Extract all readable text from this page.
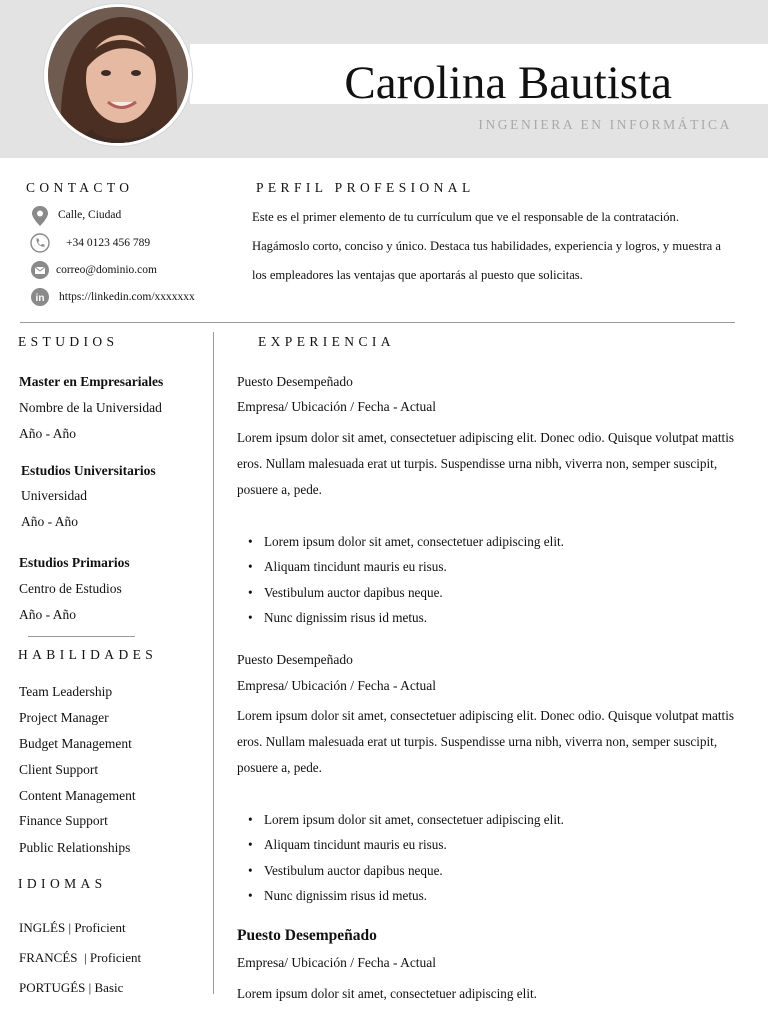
Carolina Bautista
INGENIERA EN INFORMÁTICA
CONTACTO
Calle, Ciudad
+34 0123 456 789
correo@dominio.com
in https://linkedin.com/xxxxxxx
PERFIL PROFESIONAL
Este es el primer elemento de tu currículum que ve el responsable de la contratación. Hagámoslo corto, conciso y único. Destaca tus habilidades, experiencia y logros, y muestra a los empleadores las ventajas que aportarás al puesto que solicitas.
ESTUDIOS
Master en Empresariales
Nombre de la Universidad
Año - Año
Estudios Universitarios
Universidad
Año - Año
Estudios Primarios
Centro de Estudios
Año - Año
HABILIDADES
Team Leadership
Project Manager
Budget Management
Client Support
Content Management
Finance Support
Public Relationships
IDIOMAS
INGLÉS | Proficient
FRANCÉS  | Proficient
PORTUGÉS | Basic
EXPERIENCIA
Puesto Desempeñado
Empresa/ Ubicación / Fecha - Actual
Lorem ipsum dolor sit amet, consectetuer adipiscing elit. Donec odio. Quisque volutpat mattis eros. Nullam malesuada erat ut turpis. Suspendisse urna nibh, viverra non, semper suscipit, posuere a, pede.
• Lorem ipsum dolor sit amet, consectetuer adipiscing elit.
• Aliquam tincidunt mauris eu risus.
• Vestibulum auctor dapibus neque.
• Nunc dignissim risus id metus.
Puesto Desempeñado
Empresa/ Ubicación / Fecha - Actual
Lorem ipsum dolor sit amet, consectetuer adipiscing elit. Donec odio. Quisque volutpat mattis eros. Nullam malesuada erat ut turpis. Suspendisse urna nibh, viverra non, semper suscipit, posuere a, pede.
• Lorem ipsum dolor sit amet, consectetuer adipiscing elit.
• Aliquam tincidunt mauris eu risus.
• Vestibulum auctor dapibus neque.
• Nunc dignissim risus id metus.
Puesto Desempeñado
Empresa/ Ubicación / Fecha - Actual
Lorem ipsum dolor sit amet, consectetuer adipiscing elit.
